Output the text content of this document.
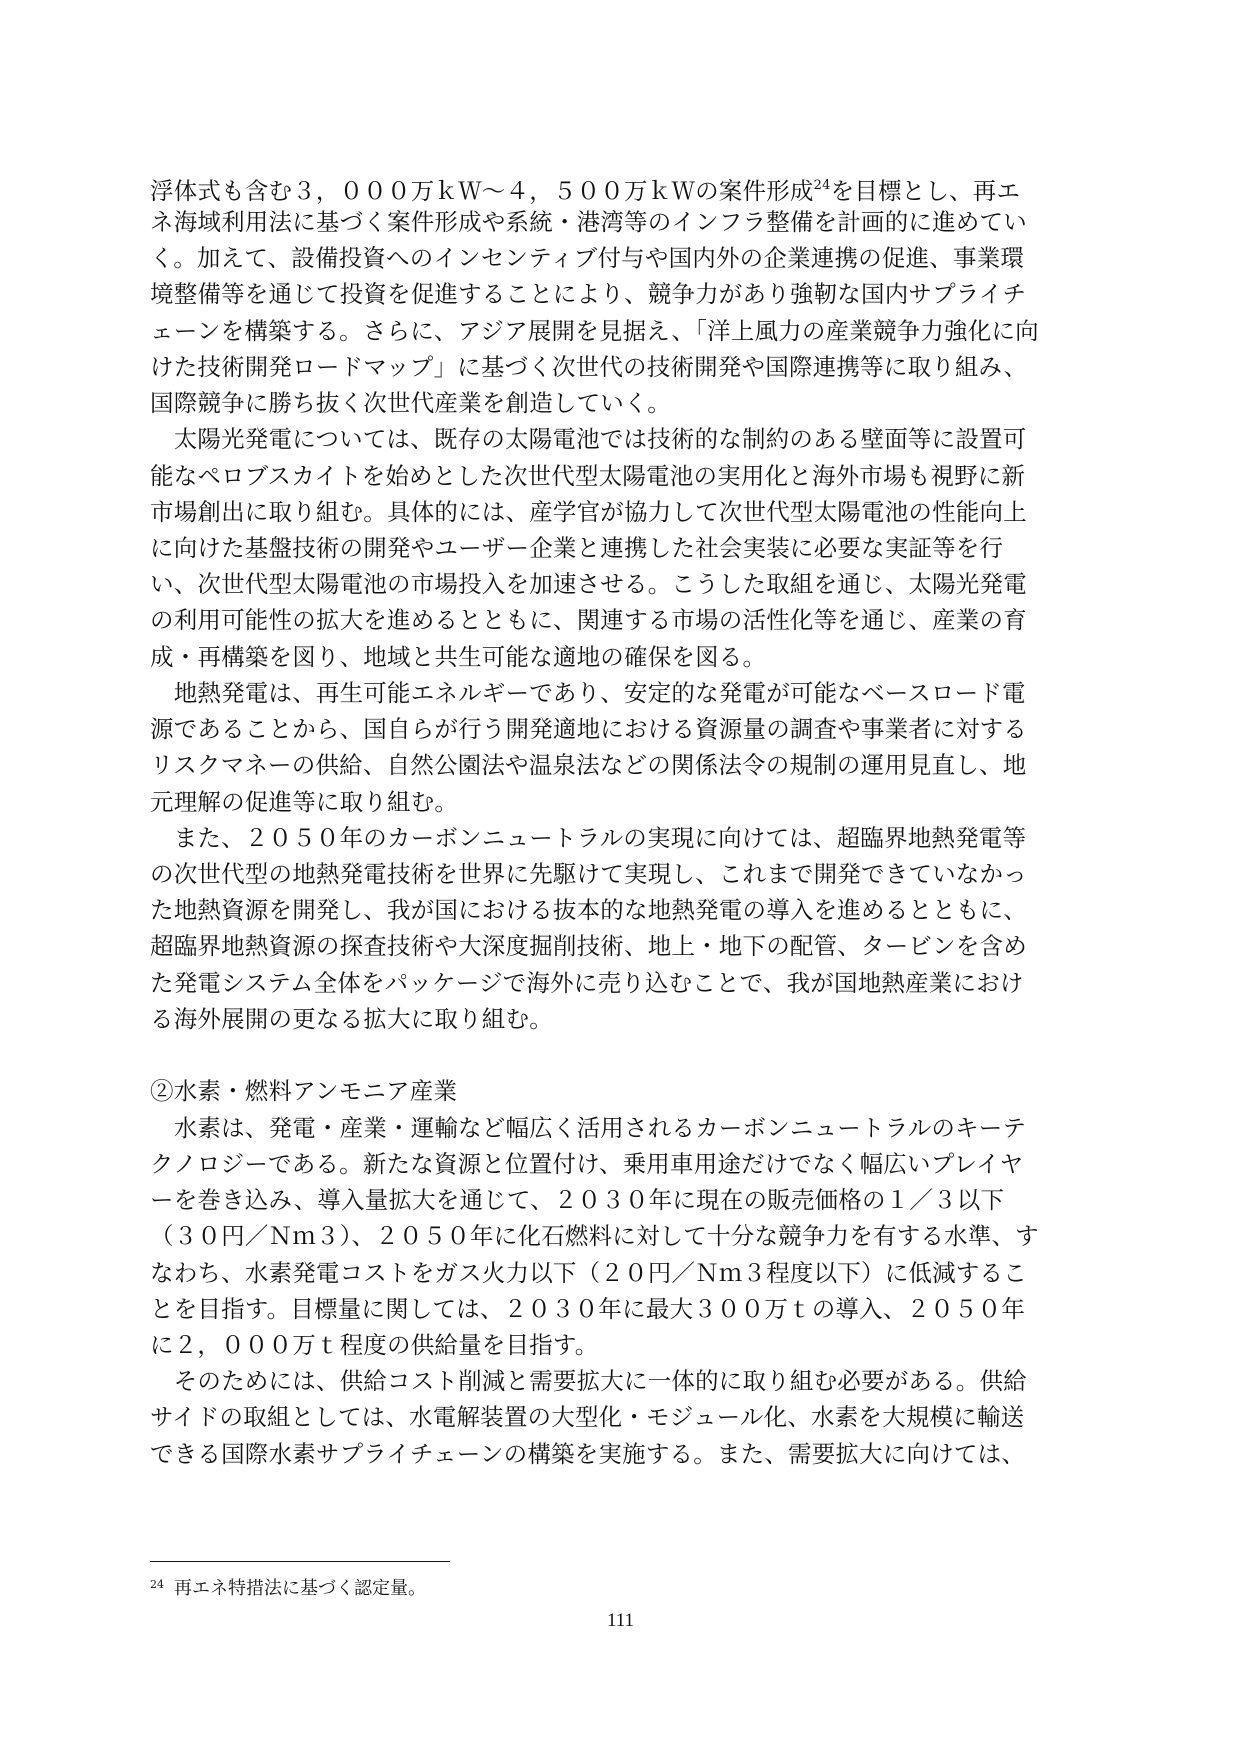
浮体式も含む３，０００万ｋＷ〜４，５００万ｋＷの案件形成$^{24}$を目標とし、再エ
ネ海域利用法に基づく案件形成や系統・港湾等のインフラ整備を計画的に進めてい
く。加えて、設備投資へのインセンティブ付与や国内外の企業連携の促進、事業環
境整備等を通じて投資を促進することにより、競争力があり強靭な国内サプライチ
ェーンを構築する。さらに、アジア展開を見据え、「洋上風力の産業競争力強化に向
けた技術開発ロードマップ」に基づく次世代の技術開発や国際連携等に取り組み、
国際競争に勝ち抜く次世代産業を創造していく。
　太陽光発電については、既存の太陽電池では技術的な制約のある壁面等に設置可
能なペロブスカイトを始めとした次世代型太陽電池の実用化と海外市場も視野に新
市場創出に取り組む。具体的には、産学官が協力して次世代型太陽電池の性能向上
に向けた基盤技術の開発やユーザー企業と連携した社会実装に必要な実証等を行
い、次世代型太陽電池の市場投入を加速させる。こうした取組を通じ、太陽光発電
の利用可能性の拡大を進めるとともに、関連する市場の活性化等を通じ、産業の育
成・再構築を図り、地域と共生可能な適地の確保を図る。
　地熱発電は、再生可能エネルギーであり、安定的な発電が可能なベースロード電
源であることから、国自らが行う開発適地における資源量の調査や事業者に対する
リスクマネーの供給、自然公園法や温泉法などの関係法令の規制の運用見直し、地
元理解の促進等に取り組む。
　また、２０５０年のカーボンニュートラルの実現に向けては、超臨界地熱発電等
の次世代型の地熱発電技術を世界に先駆けて実現し、これまで開発できていなかっ
た地熱資源を開発し、我が国における抜本的な地熱発電の導入を進めるとともに、
超臨界地熱資源の探査技術や大深度掘削技術、地上・地下の配管、タービンを含め
た発電システム全体をパッケージで海外に売り込むことで、我が国地熱産業におけ
る海外展開の更なる拡大に取り組む。
②水素・燃料アンモニア産業
　水素は、発電・産業・運輸など幅広く活用されるカーボンニュートラルのキーテ
クノロジーである。新たな資源と位置付け、乗用車用途だけでなく幅広いプレイヤ
ーを巻き込み、導入量拡大を通じて、２０３０年に現在の販売価格の１／３以下
（３０円／Ｎｍ３）、２０５０年に化石燃料に対して十分な競争力を有する水準、す
なわち、水素発電コストをガス火力以下（２０円／Ｎｍ３程度以下）に低減するこ
とを目指す。目標量に関しては、２０３０年に最大３００万ｔの導入、２０５０年
に２，０００万ｔ程度の供給量を目指す。
　そのためには、供給コスト削減と需要拡大に一体的に取り組む必要がある。供給
サイドの取組としては、水電解装置の大型化・モジュール化、水素を大規模に輸送
できる国際水素サプライチェーンの構築を実施する。また、需要拡大に向けては、
$^{24}$ 再エネ特措法に基づく認定量。
111
